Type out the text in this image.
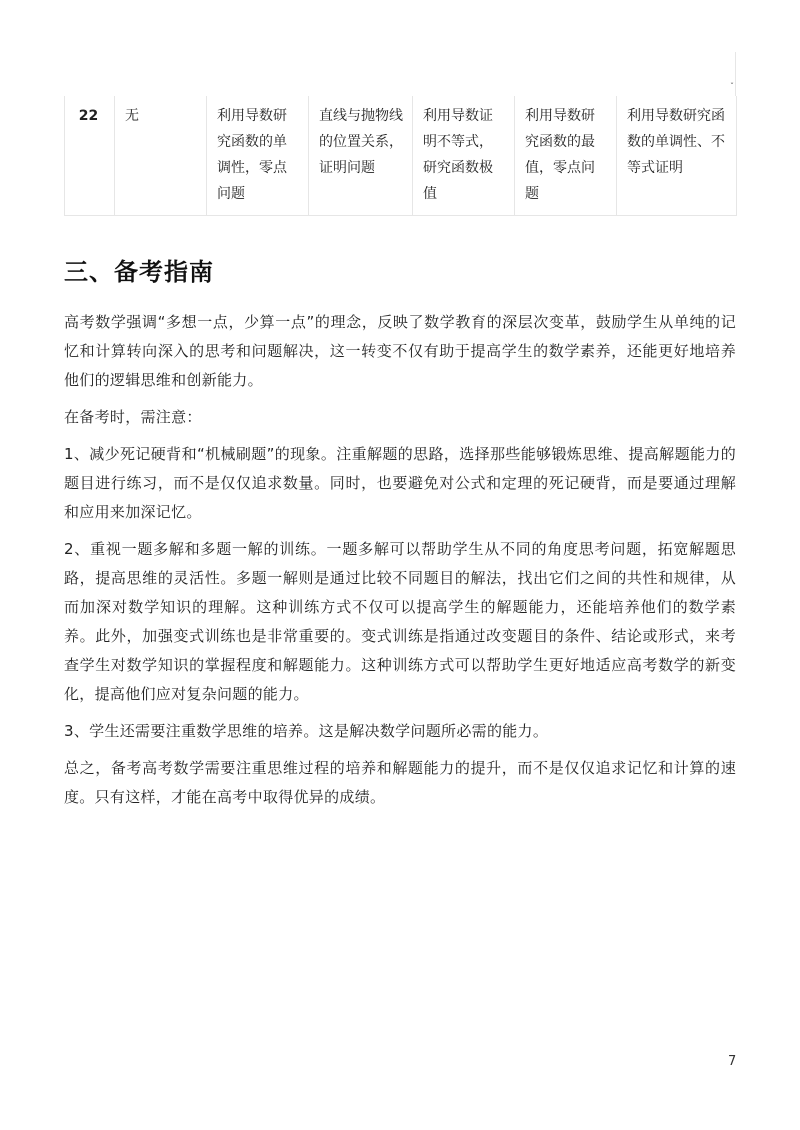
ˇ
22	无	利用导数研究函数的单调性，零点问题	直线与抛物线的位置关系，证明问题	利用导数证明不等式，研究函数极值	利用导数研究函数的最值，零点问题	利用导数研究函数的单调性、不等式证明
三、备考指南

高考数学强调“多想一点，少算一点”的理念，反映了数学教育的深层次变革，鼓励学生从单纯的记忆和计算转向深入的思考和问题解决，这一转变不仅有助于提高学生的数学素养，还能更好地培养他们的逻辑思维和创新能力。

在备考时，需注意：

1、减少死记硬背和“机械刷题”的现象。注重解题的思路，选择那些能够锻炼思维、提高解题能力的题目进行练习，而不是仅仅追求数量。同时，也要避免对公式和定理的死记硬背，而是要通过理解和应用来加深记忆。

2、重视一题多解和多题一解的训练。一题多解可以帮助学生从不同的角度思考问题，拓宽解题思路，提高思维的灵活性。多题一解则是通过比较不同题目的解法，找出它们之间的共性和规律，从而加深对数学知识的理解。这种训练方式不仅可以提高学生的解题能力，还能培养他们的数学素养。此外，加强变式训练也是非常重要的。变式训练是指通过改变题目的条件、结论或形式，来考查学生对数学知识的掌握程度和解题能力。这种训练方式可以帮助学生更好地适应高考数学的新变化，提高他们应对复杂问题的能力。

3、学生还需要注重数学思维的培养。这是解决数学问题所必需的能力。

总之，备考高考数学需要注重思维过程的培养和解题能力的提升，而不是仅仅追求记忆和计算的速度。只有这样，才能在高考中取得优异的成绩。

7
